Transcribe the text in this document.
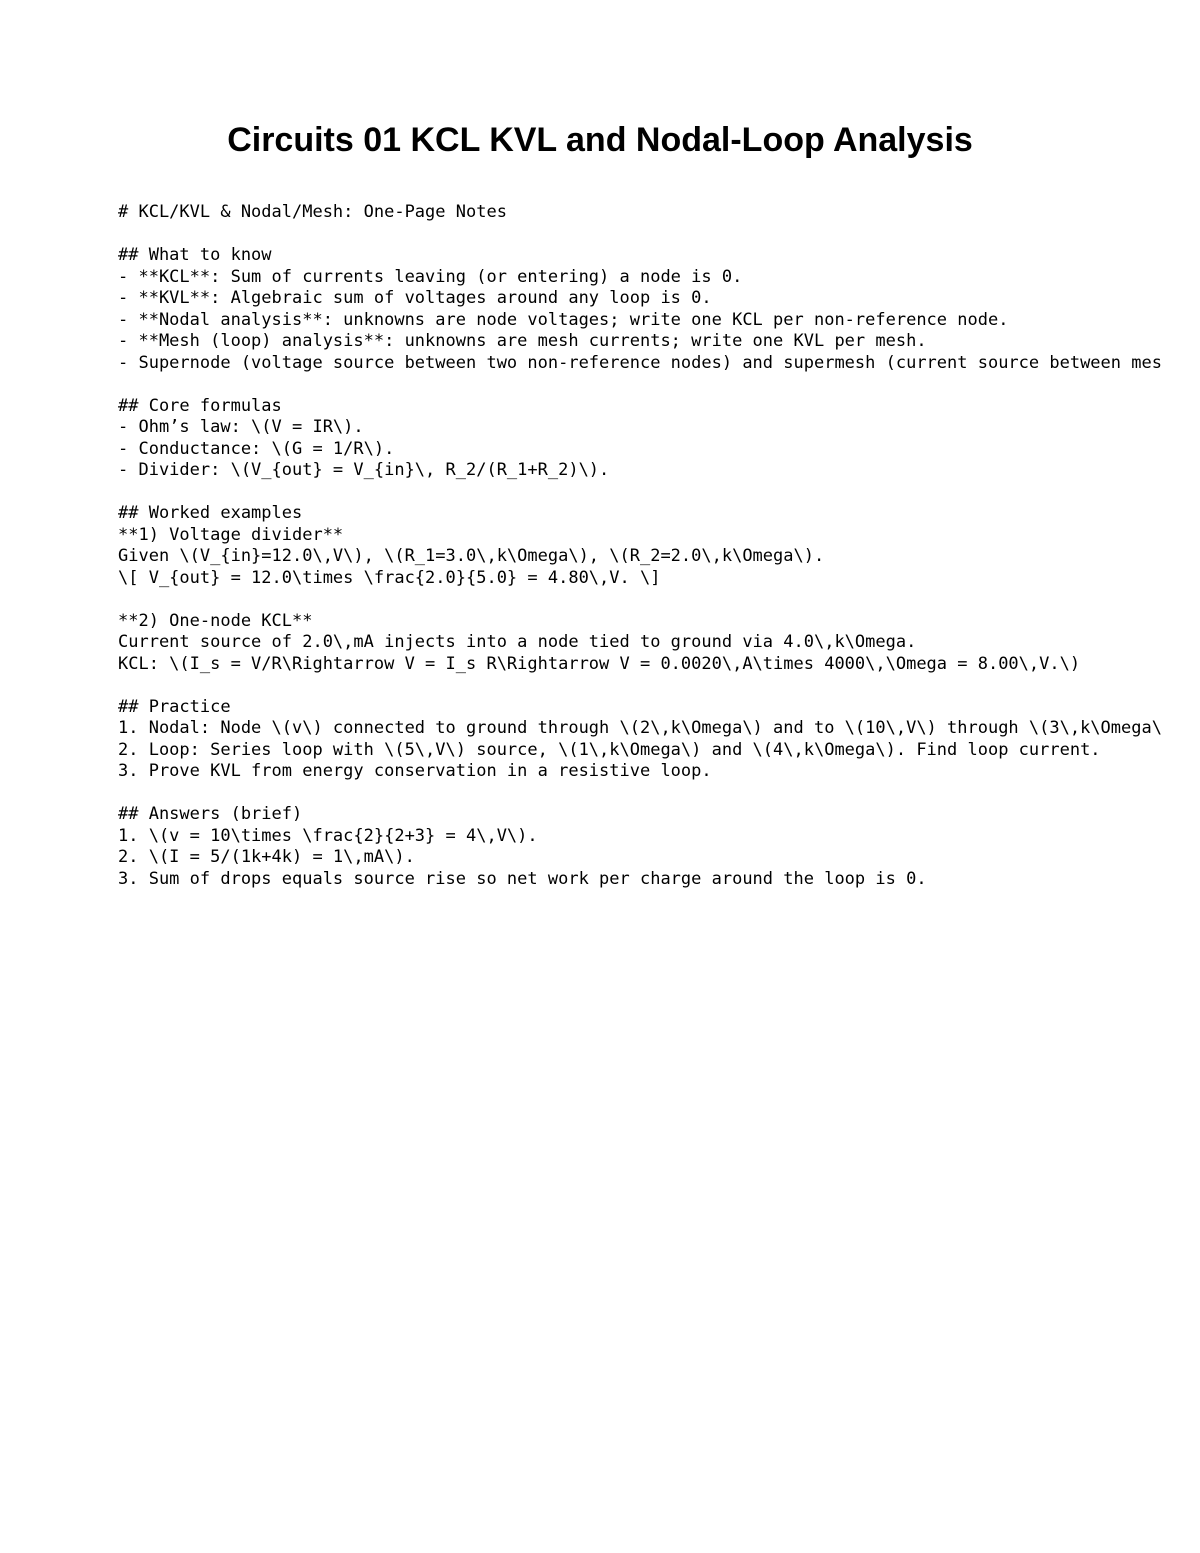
Circuits 01 KCL KVL and Nodal-Loop Analysis
# KCL/KVL & Nodal/Mesh: One-Page Notes
## What to know
- **KCL**: Sum of currents leaving (or entering) a node is 0.
- **KVL**: Algebraic sum of voltages around any loop is 0.
- **Nodal analysis**: unknowns are node voltages; write one KCL per non-reference node.
- **Mesh (loop) analysis**: unknowns are mesh currents; write one KVL per mesh.
- Supernode (voltage source between two non-reference nodes) and supermesh (current source between mes
## Core formulas
- Ohm’s law: \(V = IR\).
- Conductance: \(G = 1/R\).
- Divider: \(V_{out} = V_{in}\, R_2/(R_1+R_2)\).
## Worked examples
**1) Voltage divider**
Given \(V_{in}=12.0\,V\), \(R_1=3.0\,k\Omega\), \(R_2=2.0\,k\Omega\).
\[ V_{out} = 12.0\times \frac{2.0}{5.0} = 4.80\,V. \]
**2) One-node KCL**
Current source of 2.0\,mA injects into a node tied to ground via 4.0\,k\Omega.
KCL: \(I_s = V/R\Rightarrow V = I_s R\Rightarrow V = 0.0020\,A\times 4000\,\Omega = 8.00\,V.\)
## Practice
1. Nodal: Node \(v\) connected to ground through \(2\,k\Omega\) and to \(10\,V\) through \(3\,k\Omega\
2. Loop: Series loop with \(5\,V\) source, \(1\,k\Omega\) and \(4\,k\Omega\). Find loop current.
3. Prove KVL from energy conservation in a resistive loop.
## Answers (brief)
1. \(v = 10\times \frac{2}{2+3} = 4\,V\).
2. \(I = 5/(1k+4k) = 1\,mA\).
3. Sum of drops equals source rise so net work per charge around the loop is 0.
